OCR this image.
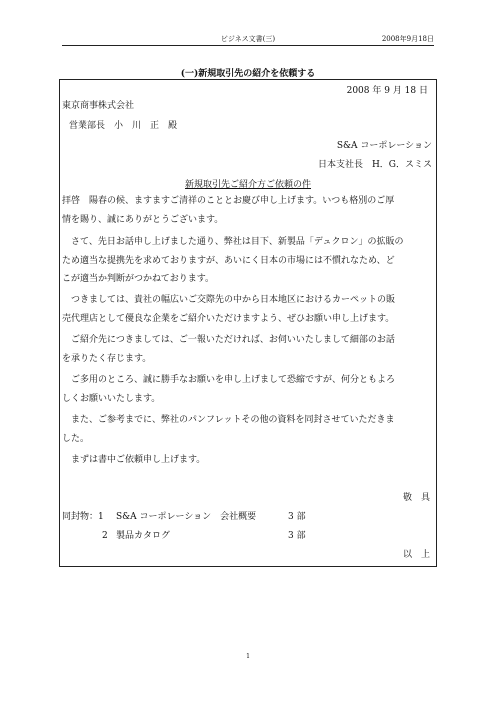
ビジネス文書(三)	2008年9月18日
(一)新規取引先の紹介を依頼する
2008 年 9 月 18 日
東京商事株式会社
営業部長　小　川　正　殿
S&A コーポレーション
日本支社長　H．G．スミス
新規取引先ご紹介方ご依頼の件
拝啓　陽春の候、ますますご清祥のこととお慶び申し上げます。いつも格別のご厚
情を賜り、誠にありがとうございます。
　さて、先日お話申し上げました通り、弊社は目下、新製品「デュクロン」の拡販の
ため適当な提携先を求めておりますが、あいにく日本の市場には不慣れなため、ど
こが適当か判断がつかねております。
　つきましては、貴社の幅広いご交際先の中から日本地区におけるカーペットの販
売代理店として優良な企業をご紹介いただけますよう、ぜひお願い申し上げます。
　ご紹介先につきましては、ご一報いただければ、お伺いいたしまして細部のお話
を承りたく存じます。
　ご多用のところ、誠に勝手なお願いを申し上げまして恐縮ですが、何分ともよろ
しくお願いいたします。
　また、ご参考までに、弊社のパンフレットその他の資料を同封させていただきま
した。
　まずは書中ご依頼申し上げます。
敬　具
同封物：1 S&A コーポレーション　会社概要	3 部
2 製品カタログ	3 部
以　上
1
